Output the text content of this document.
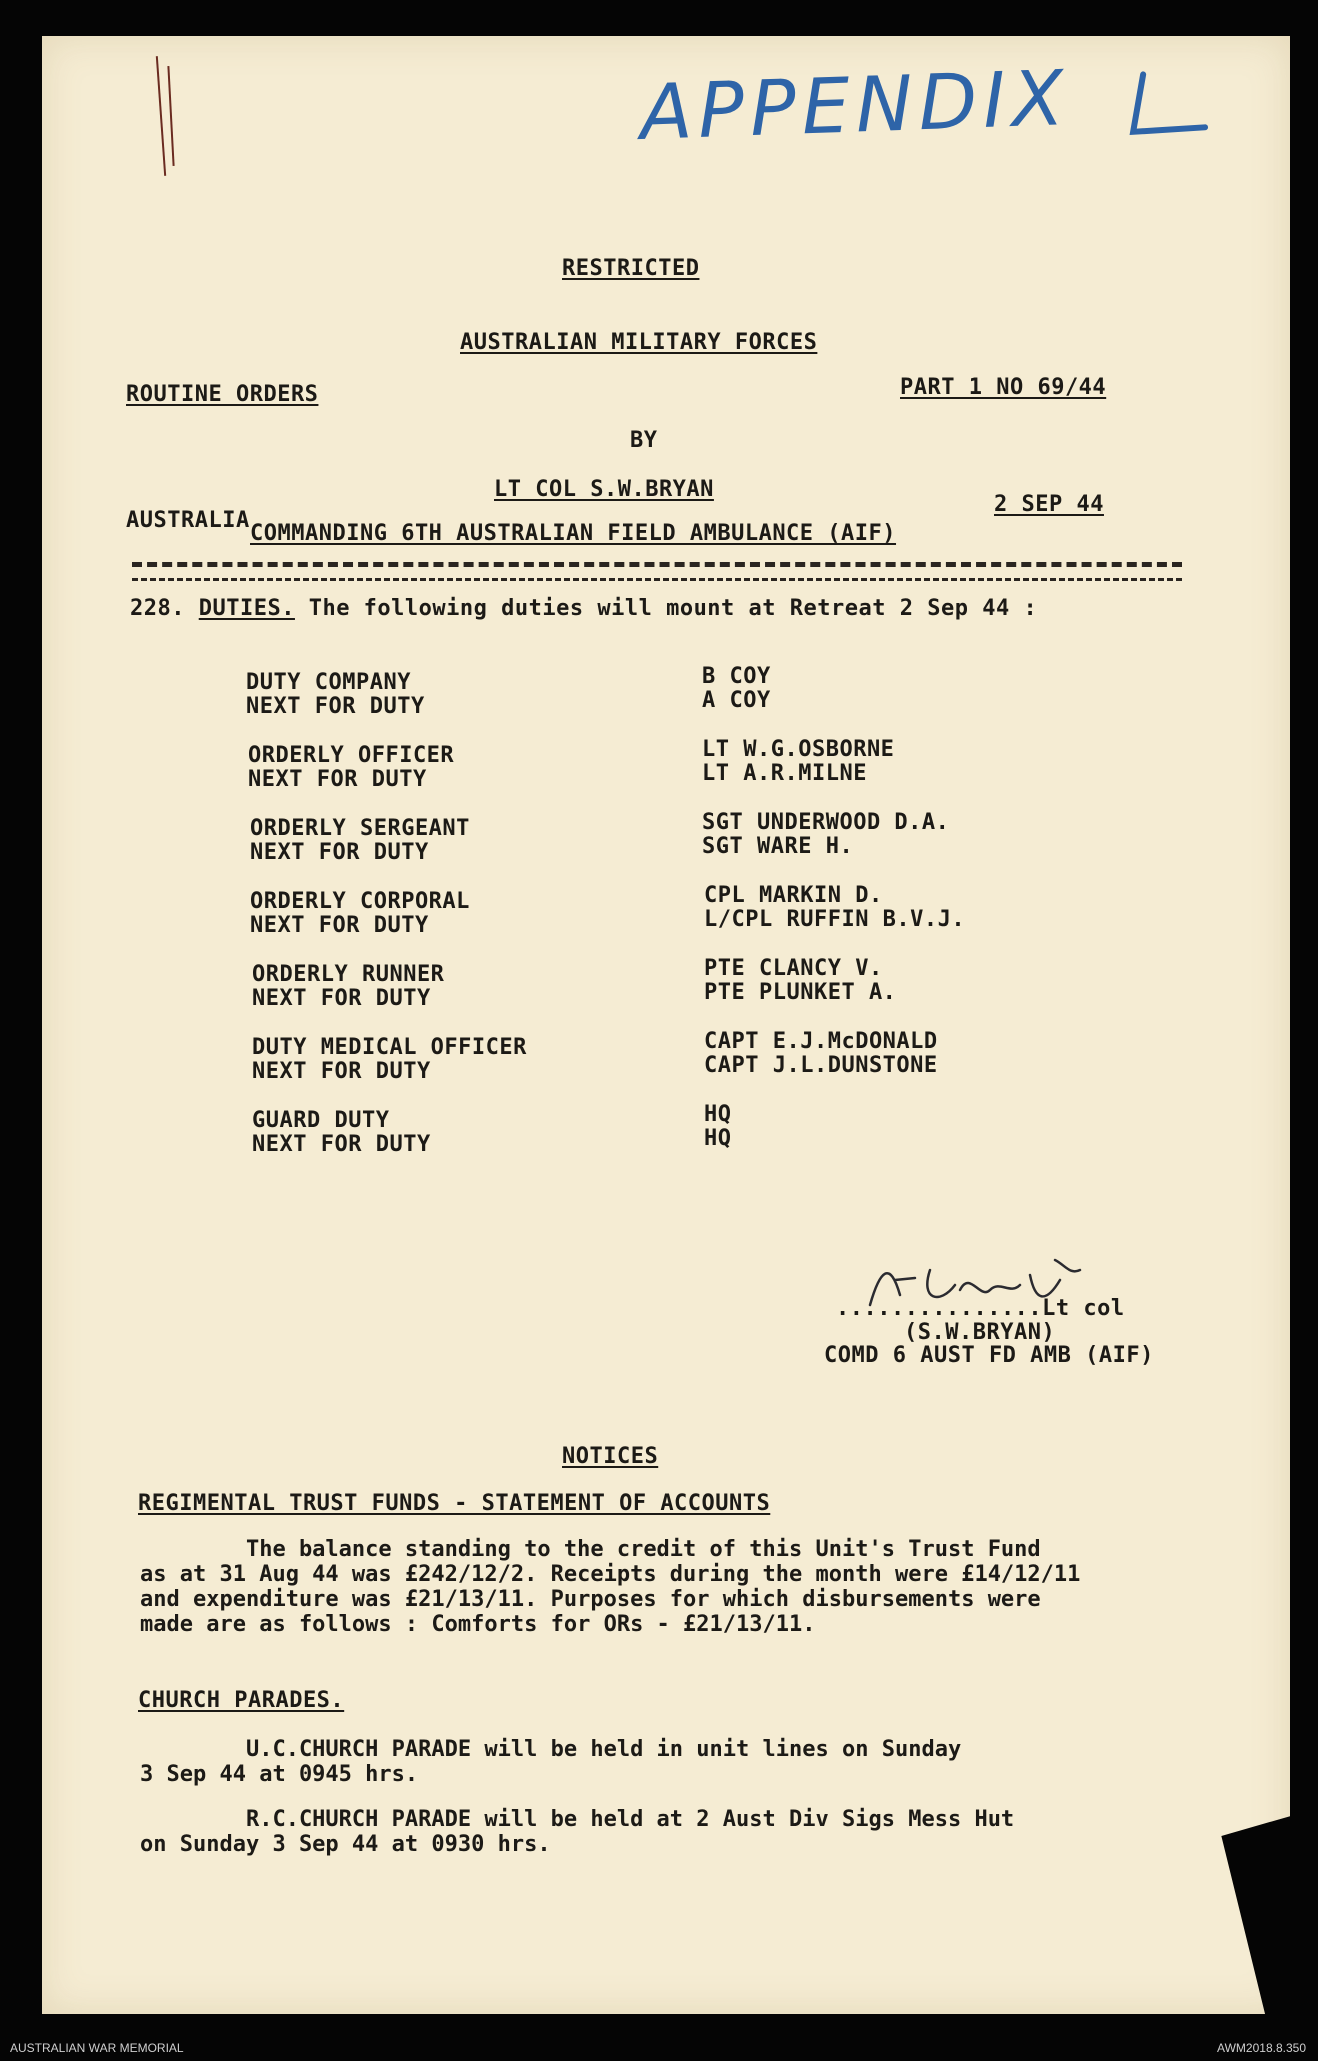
APPENDIX
RESTRICTED
AUSTRALIAN MILITARY FORCES
ROUTINE ORDERS	PART 1 NO 69/44
BY
LT COL S.W.BRYAN
AUSTRALIA
2 SEP 44
COMMANDING 6TH AUSTRALIAN FIELD AMBULANCE (AIF)
228. DUTIES. The following duties will mount at Retreat 2 Sep 44 :
DUTY COMPANY
NEXT FOR DUTY
B COY
A COY
ORDERLY OFFICER
NEXT FOR DUTY
LT W.G.OSBORNE
LT A.R.MILNE
ORDERLY SERGEANT
NEXT FOR DUTY
SGT UNDERWOOD D.A.
SGT WARE H.
ORDERLY CORPORAL
NEXT FOR DUTY
CPL MARKIN D.
L/CPL RUFFIN B.V.J.
ORDERLY RUNNER
NEXT FOR DUTY
PTE CLANCY V.
PTE PLUNKET A.
DUTY MEDICAL OFFICER
NEXT FOR DUTY
CAPT E.J.McDONALD
CAPT J.L.DUNSTONE
GUARD DUTY
NEXT FOR DUTY
HQ
HQ
...............Lt col
(S.W.BRYAN)
COMD 6 AUST FD AMB (AIF)
NOTICES
REGIMENTAL TRUST FUNDS - STATEMENT OF ACCOUNTS
The balance standing to the credit of this Unit's Trust Fund
as at 31 Aug 44 was £242/12/2. Receipts during the month were £14/12/11
and expenditure was £21/13/11. Purposes for which disbursements were
made are as follows : Comforts for ORs - £21/13/11.
CHURCH PARADES.
U.C.CHURCH PARADE will be held in unit lines on Sunday
3 Sep 44 at 0945 hrs.
R.C.CHURCH PARADE will be held at 2 Aust Div Sigs Mess Hut
on Sunday 3 Sep 44 at 0930 hrs.
AUSTRALIAN WAR MEMORIAL	AWM2018.8.350
